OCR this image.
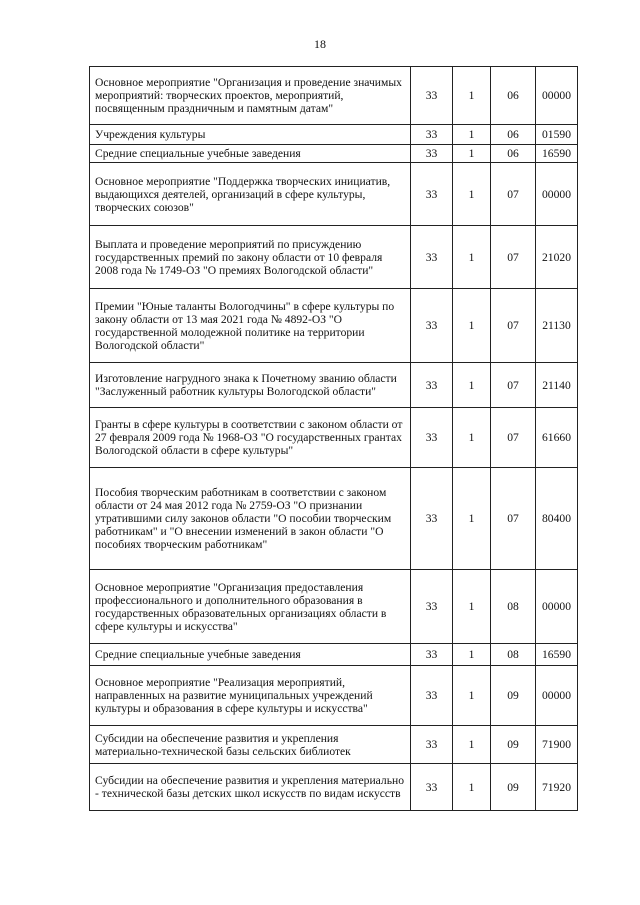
18
Основное мероприятие "Организация и проведение значимых мероприятий: творческих проектов, мероприятий, посвященным праздничным и памятным датам"	33	1	06	00000
Учреждения культуры	33	1	06	01590
Средние специальные учебные заведения	33	1	06	16590
Основное мероприятие "Поддержка творческих инициатив, выдающихся деятелей, организаций в сфере культуры, творческих союзов"	33	1	07	00000
Выплата и проведение мероприятий по присуждению государственных премий по закону области от 10 февраля 2008 года № 1749-ОЗ "О премиях Вологодской области"	33	1	07	21020
Премии "Юные таланты Вологодчины" в сфере культуры по закону области от 13 мая 2021 года № 4892-ОЗ "О государственной молодежной политике на территории Вологодской области"	33	1	07	21130
Изготовление нагрудного знака к Почетному званию области "Заслуженный работник культуры Вологодской области"	33	1	07	21140
Гранты в сфере культуры в соответствии с законом области от 27 февраля 2009 года № 1968-ОЗ "О государственных грантах Вологодской области в сфере культуры"	33	1	07	61660
Пособия творческим работникам в соответствии с законом области от 24 мая 2012 года № 2759-ОЗ "О признании утратившими силу законов области "О пособии творческим работникам" и "О внесении изменений в закон области "О пособиях творческим работникам"	33	1	07	80400
Основное мероприятие "Организация предоставления профессионального и дополнительного образования в государственных образовательных организациях области в сфере культуры и искусства"	33	1	08	00000
Средние специальные учебные заведения	33	1	08	16590
Основное мероприятие "Реализация мероприятий, направленных на развитие муниципальных учреждений культуры и образования в сфере культуры и искусства"	33	1	09	00000
Субсидии на обеспечение развития и укрепления материально-технической базы сельских библиотек	33	1	09	71900
Субсидии на обеспечение развития и укрепления материально - технической базы детских школ искусств по видам искусств	33	1	09	71920
